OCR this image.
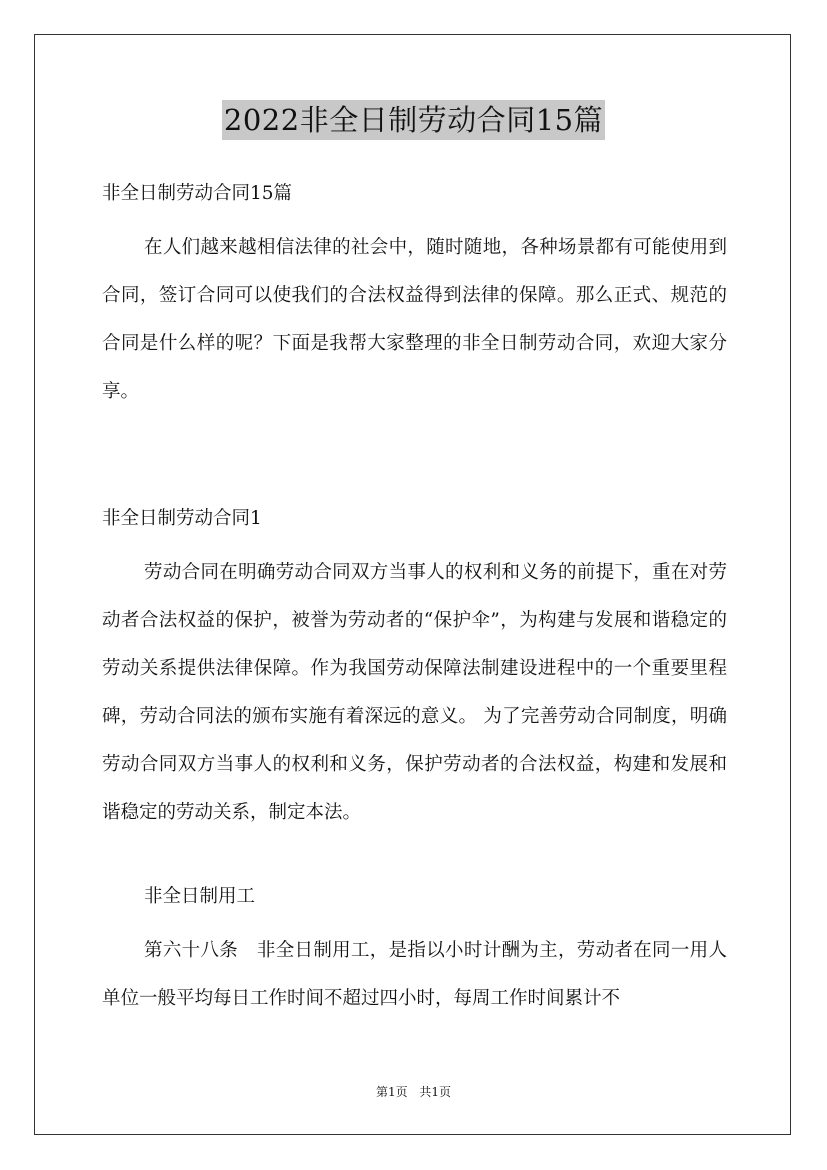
2022非全日制劳动合同15篇

非全日制劳动合同15篇

在人们越来越相信法律的社会中，随时随地，各种场景都有可能使用到合同，签订合同可以使我们的合法权益得到法律的保障。那么正式、规范的合同是什么样的呢？下面是我帮大家整理的非全日制劳动合同，欢迎大家分享。

非全日制劳动合同1

劳动合同在明确劳动合同双方当事人的权利和义务的前提下，重在对劳动者合法权益的保护，被誉为劳动者的“保护伞”，为构建与发展和谐稳定的劳动关系提供法律保障。作为我国劳动保障法制建设进程中的一个重要里程碑，劳动合同法的颁布实施有着深远的意义。 为了完善劳动合同制度，明确劳动合同双方当事人的权利和义务，保护劳动者的合法权益，构建和发展和谐稳定的劳动关系，制定本法。

非全日制用工

第六十八条　非全日制用工，是指以小时计酬为主，劳动者在同一用人单位一般平均每日工作时间不超过四小时，每周工作时间累计不

第1页 共1页
